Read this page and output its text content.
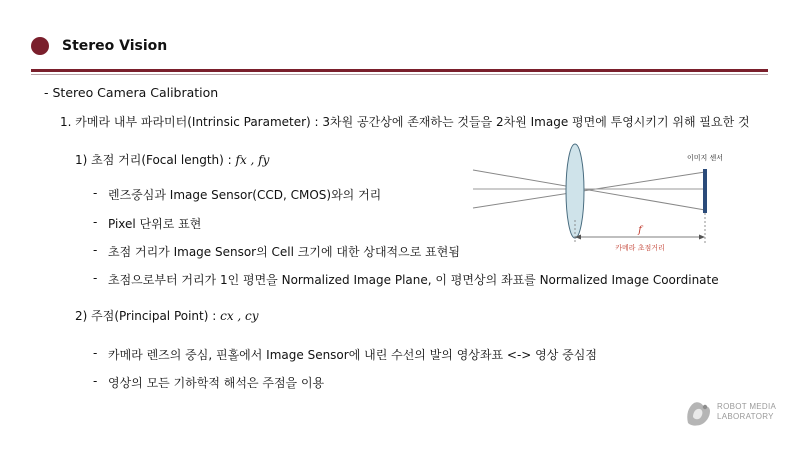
Stereo Vision
- Stereo Camera Calibration
1. 카메라 내부 파라미터(Intrinsic Parameter) : 3차원 공간상에 존재하는 것들을 2차원 Image 평면에 투영시키기 위해 필요한 것
1) 초점 거리(Focal length) : fx , fy
- 렌즈중심과 Image Sensor(CCD, CMOS)와의 거리
- Pixel 단위로 표현
- 초점 거리가 Image Sensor의 Cell 크기에 대한 상대적으로 표현됨
- 초점으로부터 거리가 1인 평면을 Normalized Image Plane, 이 평면상의 좌표를 Normalized Image Coordinate
2) 주점(Principal Point) : cx , cy
- 카메라 렌즈의 중심, 핀홀에서 Image Sensor에 내린 수선의 발의 영상좌표 <-> 영상 중심점
- 영상의 모든 기하학적 해석은 주점을 이용
이미지 센서
f
카메라 초점거리
ROBOT MEDIA
LABORATORY
